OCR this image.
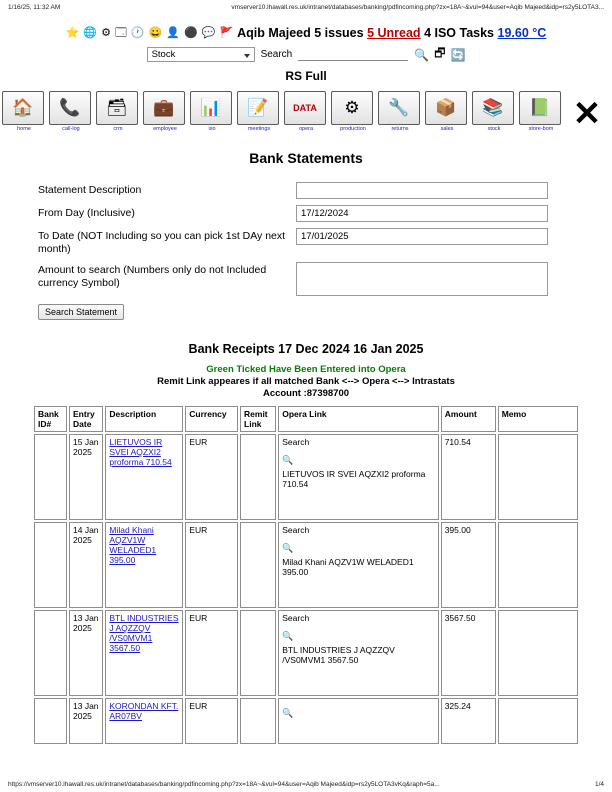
1/16/25, 11:32 AM	vmserver10.lhawall.res.uk/intranet/databases/banking/pdfincoming.php?zx=18A~&vul=94&user=Aqib Majeed&idp=rs2y5LOTA3...
⭐ 🌐 ⚙ 🗔 🕐 😀 👤 ⚫ 💬 🚩 Aqib Majeed 5 issues 5 Unread 4 ISO Tasks 19.60 °C
Stock	Search	🔍 🗗 🔄
RS Full
🏠
home
📞
call-log
🗃
crm
💼
employee
📊
iso
📝
meetings
DATA
opera
⚙
production
🔧
returns
📦
sales
📚
stock
📗
store-bom ✕
Bank Statements
Statement Description
From Day (Inclusive)	17/12/2024
To Date (NOT Including so you can pick 1st DAy next month)
17/01/2025
Amount to search (Numbers only do not Included currency Symbol)
Search Statement
Bank Receipts 17 Dec 2024 16 Jan 2025
Green Ticked Have Been Entered into Opera
Remit Link appeares if all matched Bank <--> Opera <--> Intrastats
Account :87398700
Bank ID#	Entry Date	Description	Currency	Remit Link	Opera Link	Amount	Memo
	15 Jan 2025	LIETUVOS IR SVEI AQZXI2 proforma 710.54	EUR		Search
🔍
LIETUVOS IR SVEI AQZXI2 proforma 710.54	710.54	
	14 Jan 2025	Milad Khani AQZV1W WELADED1 395.00	EUR		Search
🔍
Milad Khani AQZV1W WELADED1 395.00	395.00	
	13 Jan 2025	BTL INDUSTRIES J AQZZQV /VS0MVM1 3567.50	EUR		Search
🔍
BTL INDUSTRIES J AQZZQV /VS0MVM1 3567.50	3567.50	
	13 Jan 2025	KORONDAN KFT. AR07BV	EUR		🔍	325.24	
https://vmserver10.lhawall.res.uk/intranet/databases/banking/pdfincoming.php?zx=18A~&vul=94&user=Aqib Majeed&idp=rs2y5LOTA3vKq&raph=5a...	1/4
